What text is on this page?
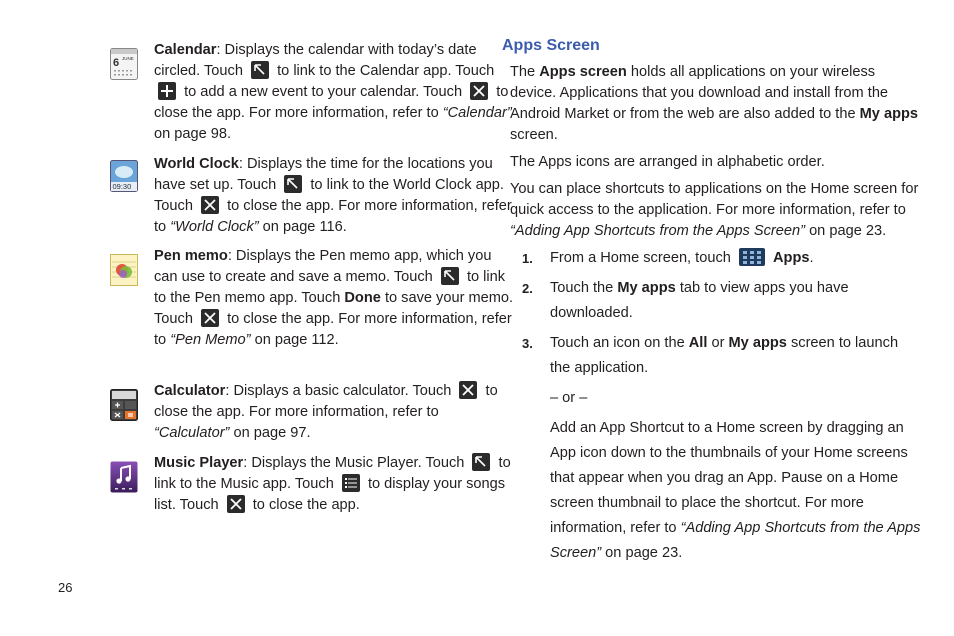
6 JUNE
Calendar: Displays the calendar with today’s date circled. Touch to link to the Calendar app. Touch
to add a new event to your calendar. Touch to close the app. For more information, refer to “Calendar” on page 98.
09:30
World Clock: Displays the time for the locations you have set up. Touch to link to the World Clock app. Touch to close the app. For more information, refer to “World Clock” on page 116.
Pen memo: Displays the Pen memo app, which you can use to create and save a memo. Touch to link to the Pen memo app. Touch Done to save your memo. Touch to close the app. For more information, refer to “Pen Memo” on page 112.
Calculator: Displays a basic calculator. Touch to close the app. For more information, refer to “Calculator” on page 97.
Music Player: Displays the Music Player. Touch to link to the Music app. Touch to display your songs list. Touch to close the app.
Apps Screen

The Apps screen holds all applications on your wireless device. Applications that you download and install from the Android Market or from the web are also added to the My apps screen.

The Apps icons are arranged in alphabetic order.

You can place shortcuts to applications on the Home screen for quick access to the application. For more information, refer to “Adding App Shortcuts from the Apps Screen” on page 23.

1. From a Home screen, touch	Apps.
2. Touch the My apps tab to view apps you have downloaded.
3. Touch an icon on the All or My apps screen to launch the application.
– or –
Add an App Shortcut to a Home screen by dragging an App icon down to the thumbnails of your Home screens that appear when you drag an App. Pause on a Home screen thumbnail to place the shortcut. For more information, refer to “Adding App Shortcuts from the Apps Screen” on page 23.
26
